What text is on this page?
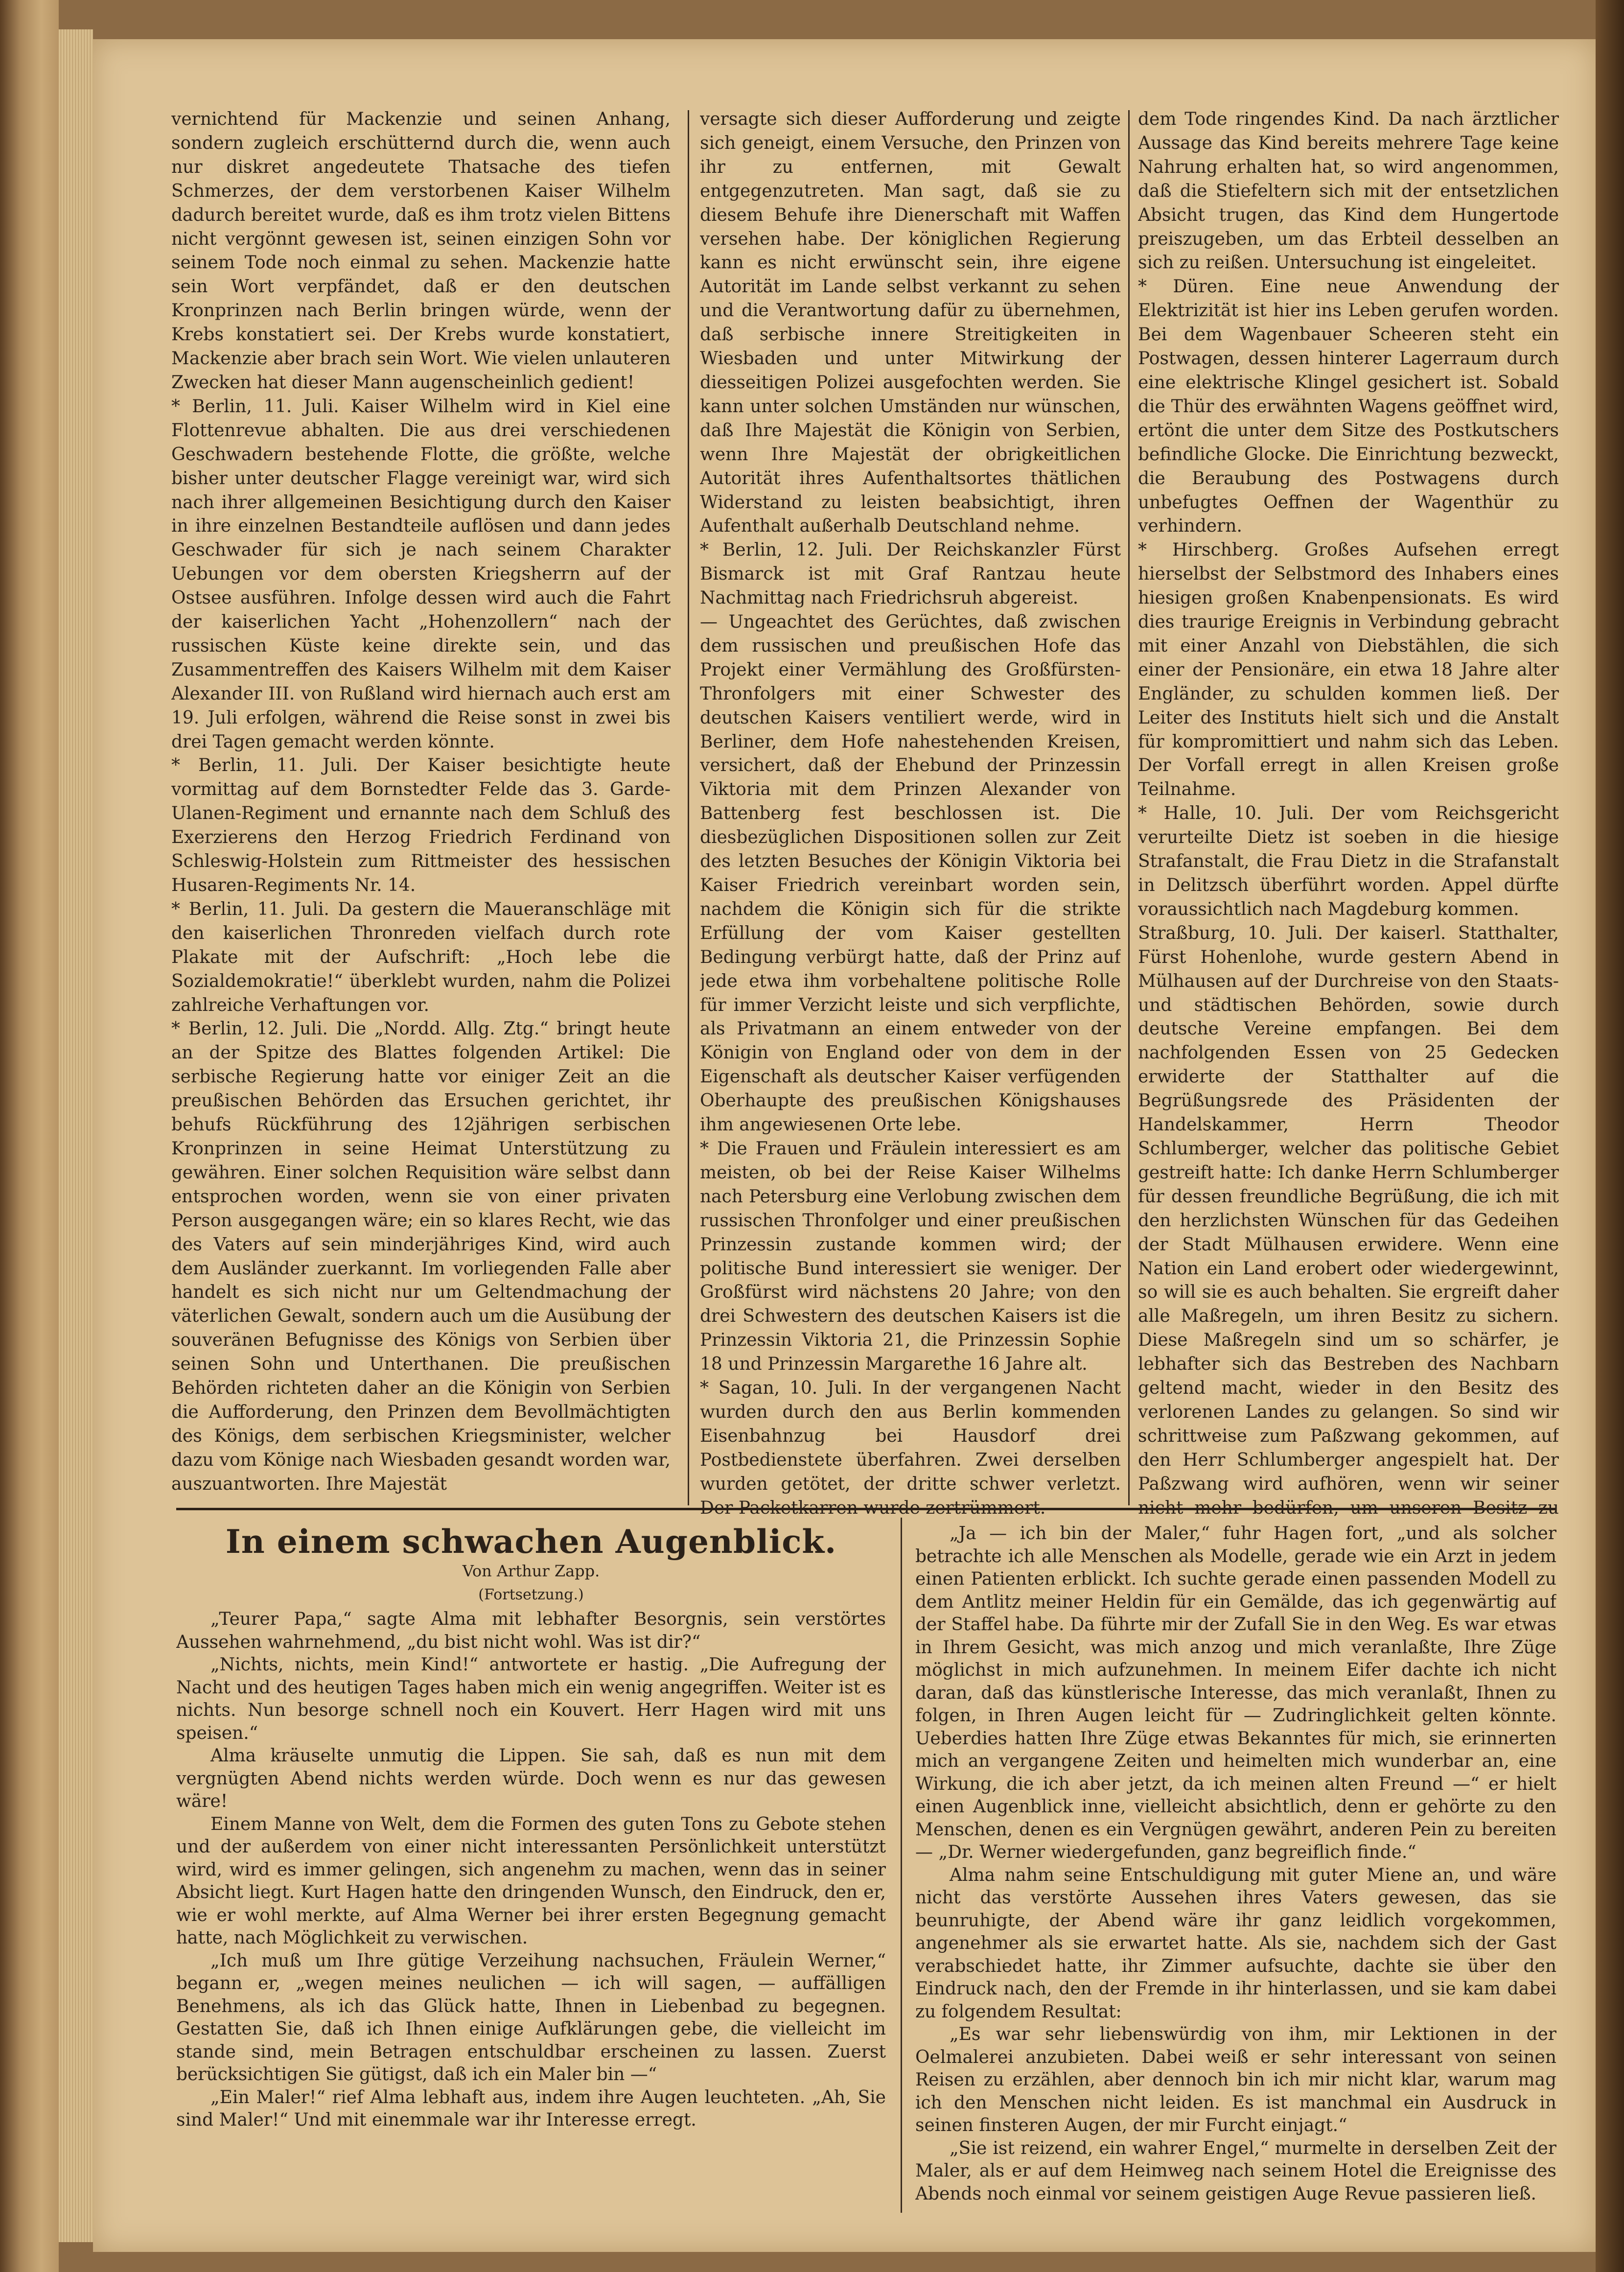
vernichtend für Mackenzie und seinen Anhang, sondern zugleich erschütternd durch die, wenn auch nur diskret angedeutete Thatsache des tiefen Schmerzes, der dem verstorbenen Kaiser Wilhelm dadurch bereitet wurde, daß es ihm trotz vielen Bittens nicht vergönnt gewesen ist, seinen einzigen Sohn vor seinem Tode noch einmal zu sehen. Mackenzie hatte sein Wort verpfändet, daß er den deutschen Kronprinzen nach Berlin bringen würde, wenn der Krebs konstatiert sei. Der Krebs wurde konstatiert, Mackenzie aber brach sein Wort. Wie vielen unlauteren Zwecken hat dieser Mann augenscheinlich gedient!

* Berlin, 11. Juli. Kaiser Wilhelm wird in Kiel eine Flottenrevue abhalten. Die aus drei verschiedenen Geschwadern bestehende Flotte, die größte, welche bisher unter deutscher Flagge vereinigt war, wird sich nach ihrer allgemeinen Besichtigung durch den Kaiser in ihre einzelnen Bestandteile auflösen und dann jedes Geschwader für sich je nach seinem Charakter Uebungen vor dem obersten Kriegsherrn auf der Ostsee ausführen. Infolge dessen wird auch die Fahrt der kaiserlichen Yacht „Hohenzollern“ nach der russischen Küste keine direkte sein, und das Zusammentreffen des Kaisers Wilhelm mit dem Kaiser Alexander III. von Rußland wird hiernach auch erst am 19. Juli erfolgen, während die Reise sonst in zwei bis drei Tagen gemacht werden könnte.

* Berlin, 11. Juli. Der Kaiser besichtigte heute vormittag auf dem Bornstedter Felde das 3. Garde-Ulanen-Regiment und ernannte nach dem Schluß des Exerzierens den Herzog Friedrich Ferdinand von Schleswig-Holstein zum Rittmeister des hessischen Husaren-Regiments Nr. 14.

* Berlin, 11. Juli. Da gestern die Maueranschläge mit den kaiserlichen Thronreden vielfach durch rote Plakate mit der Aufschrift: „Hoch lebe die Sozialdemokratie!“ überklebt wurden, nahm die Polizei zahlreiche Verhaftungen vor.

* Berlin, 12. Juli. Die „Nordd. Allg. Ztg.“ bringt heute an der Spitze des Blattes folgenden Artikel: Die serbische Regierung hatte vor einiger Zeit an die preußischen Behörden das Ersuchen gerichtet, ihr behufs Rückführung des 12jährigen serbischen Kronprinzen in seine Heimat Unterstützung zu gewähren. Einer solchen Requisition wäre selbst dann entsprochen worden, wenn sie von einer privaten Person ausgegangen wäre; ein so klares Recht, wie das des Vaters auf sein minderjähriges Kind, wird auch dem Ausländer zuerkannt. Im vorliegenden Falle aber handelt es sich nicht nur um Geltendmachung der väterlichen Gewalt, sondern auch um die Ausübung der souveränen Befugnisse des Königs von Serbien über seinen Sohn und Unterthanen. Die preußischen Behörden richteten daher an die Königin von Serbien die Aufforderung, den Prinzen dem Bevollmächtigten des Königs, dem serbischen Kriegsminister, welcher dazu vom Könige nach Wiesbaden gesandt worden war, auszuantworten. Ihre Majestät

versagte sich dieser Aufforderung und zeigte sich geneigt, einem Versuche, den Prinzen von ihr zu entfernen, mit Gewalt entgegenzutreten. Man sagt, daß sie zu diesem Behufe ihre Dienerschaft mit Waffen versehen habe. Der königlichen Regierung kann es nicht erwünscht sein, ihre eigene Autorität im Lande selbst verkannt zu sehen und die Verantwortung dafür zu übernehmen, daß serbische innere Streitigkeiten in Wiesbaden und unter Mitwirkung der diesseitigen Polizei ausgefochten werden. Sie kann unter solchen Umständen nur wünschen, daß Ihre Majestät die Königin von Serbien, wenn Ihre Majestät der obrigkeitlichen Autorität ihres Aufenthaltsortes thätlichen Widerstand zu leisten beabsichtigt, ihren Aufenthalt außerhalb Deutschland nehme.

* Berlin, 12. Juli. Der Reichskanzler Fürst Bismarck ist mit Graf Rantzau heute Nachmittag nach Friedrichsruh abgereist.

— Ungeachtet des Gerüchtes, daß zwischen dem russischen und preußischen Hofe das Projekt einer Vermählung des Großfürsten-Thronfolgers mit einer Schwester des deutschen Kaisers ventiliert werde, wird in Berliner, dem Hofe nahestehenden Kreisen, versichert, daß der Ehebund der Prinzessin Viktoria mit dem Prinzen Alexander von Battenberg fest beschlossen ist. Die diesbezüglichen Dispositionen sollen zur Zeit des letzten Besuches der Königin Viktoria bei Kaiser Friedrich vereinbart worden sein, nachdem die Königin sich für die strikte Erfüllung der vom Kaiser gestellten Bedingung verbürgt hatte, daß der Prinz auf jede etwa ihm vorbehaltene politische Rolle für immer Verzicht leiste und sich verpflichte, als Privatmann an einem entweder von der Königin von England oder von dem in der Eigenschaft als deutscher Kaiser verfügenden Oberhaupte des preußischen Königshauses ihm angewiesenen Orte lebe.

* Die Frauen und Fräulein interessiert es am meisten, ob bei der Reise Kaiser Wilhelms nach Petersburg eine Verlobung zwischen dem russischen Thronfolger und einer preußischen Prinzessin zustande kommen wird; der politische Bund interessiert sie weniger. Der Großfürst wird nächstens 20 Jahre; von den drei Schwestern des deutschen Kaisers ist die Prinzessin Viktoria 21, die Prinzessin Sophie 18 und Prinzessin Margarethe 16 Jahre alt.

* Sagan, 10. Juli. In der vergangenen Nacht wurden durch den aus Berlin kommenden Eisenbahnzug bei Hausdorf drei Postbedienstete überfahren. Zwei derselben wurden getötet, der dritte schwer verletzt. Der Packetkarren wurde zertrümmert.

dem Tode ringendes Kind. Da nach ärztlicher Aussage das Kind bereits mehrere Tage keine Nahrung erhalten hat, so wird angenommen, daß die Stiefeltern sich mit der entsetzlichen Absicht trugen, das Kind dem Hungertode preiszugeben, um das Erbteil desselben an sich zu reißen. Untersuchung ist eingeleitet.

* Düren. Eine neue Anwendung der Elektrizität ist hier ins Leben gerufen worden. Bei dem Wagenbauer Scheeren steht ein Postwagen, dessen hinterer Lagerraum durch eine elektrische Klingel gesichert ist. Sobald die Thür des erwähnten Wagens geöffnet wird, ertönt die unter dem Sitze des Postkutschers befindliche Glocke. Die Einrichtung bezweckt, die Beraubung des Postwagens durch unbefugtes Oeffnen der Wagenthür zu verhindern.

* Hirschberg. Großes Aufsehen erregt hierselbst der Selbstmord des Inhabers eines hiesigen großen Knabenpensionats. Es wird dies traurige Ereignis in Verbindung gebracht mit einer Anzahl von Diebstählen, die sich einer der Pensionäre, ein etwa 18 Jahre alter Engländer, zu schulden kommen ließ. Der Leiter des Instituts hielt sich und die Anstalt für kompromittiert und nahm sich das Leben. Der Vorfall erregt in allen Kreisen große Teilnahme.

* Halle, 10. Juli. Der vom Reichsgericht verurteilte Dietz ist soeben in die hiesige Strafanstalt, die Frau Dietz in die Strafanstalt in Delitzsch überführt worden. Appel dürfte voraussichtlich nach Magdeburg kommen.

Straßburg, 10. Juli. Der kaiserl. Statthalter, Fürst Hohenlohe, wurde gestern Abend in Mülhausen auf der Durchreise von den Staats- und städtischen Behörden, sowie durch deutsche Vereine empfangen. Bei dem nachfolgenden Essen von 25 Gedecken erwiderte der Statthalter auf die Begrüßungsrede des Präsidenten der Handelskammer, Herrn Theodor Schlumberger, welcher das politische Gebiet gestreift hatte: Ich danke Herrn Schlumberger für dessen freundliche Begrüßung, die ich mit den herzlichsten Wünschen für das Gedeihen der Stadt Mülhausen erwidere. Wenn eine Nation ein Land erobert oder wiedergewinnt, so will sie es auch behalten. Sie ergreift daher alle Maßregeln, um ihren Besitz zu sichern. Diese Maßregeln sind um so schärfer, je lebhafter sich das Bestreben des Nachbarn geltend macht, wieder in den Besitz des verlorenen Landes zu gelangen. So sind wir schrittweise zum Paßzwang gekommen, auf den Herr Schlumberger angespielt hat. Der Paßzwang wird aufhören, wenn wir seiner nicht mehr bedürfen, um unseren Besitz zu

In einem schwachen Augenblick.
Von Arthur Zapp.
(Fortsetzung.)

„Teurer Papa,“ sagte Alma mit lebhafter Besorgnis, sein verstörtes Aussehen wahrnehmend, „du bist nicht wohl. Was ist dir?“

„Nichts, nichts, mein Kind!“ antwortete er hastig. „Die Aufregung der Nacht und des heutigen Tages haben mich ein wenig angegriffen. Weiter ist es nichts. Nun besorge schnell noch ein Kouvert. Herr Hagen wird mit uns speisen.“

Alma kräuselte unmutig die Lippen. Sie sah, daß es nun mit dem vergnügten Abend nichts werden würde. Doch wenn es nur das gewesen wäre!

Einem Manne von Welt, dem die Formen des guten Tons zu Gebote stehen und der außerdem von einer nicht interessanten Persönlichkeit unterstützt wird, wird es immer gelingen, sich angenehm zu machen, wenn das in seiner Absicht liegt. Kurt Hagen hatte den dringenden Wunsch, den Eindruck, den er, wie er wohl merkte, auf Alma Werner bei ihrer ersten Begegnung gemacht hatte, nach Möglichkeit zu verwischen.

„Ich muß um Ihre gütige Verzeihung nachsuchen, Fräulein Werner,“ begann er, „wegen meines neulichen — ich will sagen, — auffälligen Benehmens, als ich das Glück hatte, Ihnen in Liebenbad zu begegnen. Gestatten Sie, daß ich Ihnen einige Aufklärungen gebe, die vielleicht im stande sind, mein Betragen entschuldbar erscheinen zu lassen. Zuerst berücksichtigen Sie gütigst, daß ich ein Maler bin —“

„Ein Maler!“ rief Alma lebhaft aus, indem ihre Augen leuchteten. „Ah, Sie sind Maler!“ Und mit einemmale war ihr Interesse erregt.

„Ja — ich bin der Maler,“ fuhr Hagen fort, „und als solcher betrachte ich alle Menschen als Modelle, gerade wie ein Arzt in jedem einen Patienten erblickt. Ich suchte gerade einen passenden Modell zu dem Antlitz meiner Heldin für ein Gemälde, das ich gegenwärtig auf der Staffel habe. Da führte mir der Zufall Sie in den Weg. Es war etwas in Ihrem Gesicht, was mich anzog und mich veranlaßte, Ihre Züge möglichst in mich aufzunehmen. In meinem Eifer dachte ich nicht daran, daß das künstlerische Interesse, das mich veranlaßt, Ihnen zu folgen, in Ihren Augen leicht für — Zudringlichkeit gelten könnte. Ueberdies hatten Ihre Züge etwas Bekanntes für mich, sie erinnerten mich an vergangene Zeiten und heimelten mich wunderbar an, eine Wirkung, die ich aber jetzt, da ich meinen alten Freund —“ er hielt einen Augenblick inne, vielleicht absichtlich, denn er gehörte zu den Menschen, denen es ein Vergnügen gewährt, anderen Pein zu bereiten — „Dr. Werner wiedergefunden, ganz begreiflich finde.“

Alma nahm seine Entschuldigung mit guter Miene an, und wäre nicht das verstörte Aussehen ihres Vaters gewesen, das sie beunruhigte, der Abend wäre ihr ganz leidlich vorgekommen, angenehmer als sie erwartet hatte. Als sie, nachdem sich der Gast verabschiedet hatte, ihr Zimmer aufsuchte, dachte sie über den Eindruck nach, den der Fremde in ihr hinterlassen, und sie kam dabei zu folgendem Resultat:

„Es war sehr liebenswürdig von ihm, mir Lektionen in der Oelmalerei anzubieten. Dabei weiß er sehr interessant von seinen Reisen zu erzählen, aber dennoch bin ich mir nicht klar, warum mag ich den Menschen nicht leiden. Es ist manchmal ein Ausdruck in seinen finsteren Augen, der mir Furcht einjagt.“

„Sie ist reizend, ein wahrer Engel,“ murmelte in derselben Zeit der Maler, als er auf dem Heimweg nach seinem Hotel die Ereignisse des Abends noch einmal vor seinem geistigen Auge Revue passieren ließ.
